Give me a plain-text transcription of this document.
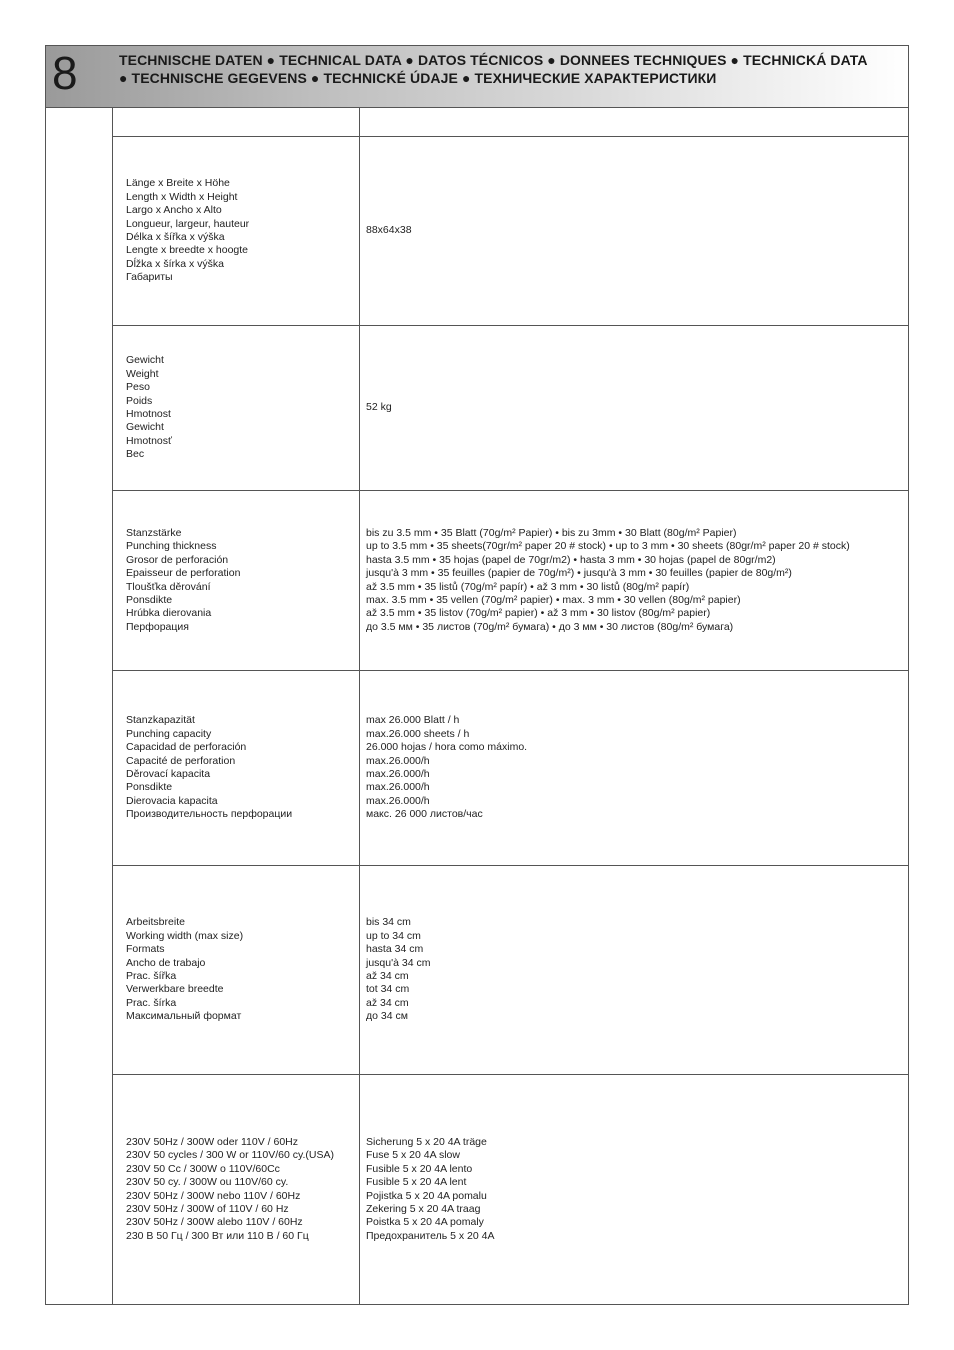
8	TECHNISCHE DATEN ● TECHNICAL DATA ● DATOS TÉCNICOS ● DONNEES TECHNIQUES ● TECHNICKÁ DATA ● TECHNISCHE GEGEVENS ● TECHNICKÉ ÚDAJE ● ТЕХНИЧЕСКИЕ ХАРАКТЕРИСТИКИ
Länge x Breite x Höhe
Length x Width x Height
Largo x Ancho x Alto
Longueur, largeur, hauteur
Délka x šířka x výška
Lengte x breedte x hoogte
Dĺžka x šírka x výška
Габариты
88x64x38
Gewicht
Weight
Peso
Poids
Hmotnost
Gewicht
Hmotnosť
Вес
52 kg
Stanzstärke
Punching thickness
Grosor de perforación
Epaisseur de perforation
Tloušťka děrování
Ponsdikte
Hrúbka dierovania
Перфорация
bis zu 3.5 mm • 35 Blatt (70g/m² Papier) • bis zu 3mm • 30 Blatt (80g/m² Papier)
up to 3.5 mm • 35 sheets(70gr/m² paper 20 # stock) • up to 3 mm • 30 sheets (80gr/m² paper 20 # stock)
hasta 3.5 mm • 35 hojas (papel de 70gr/m2) • hasta 3 mm • 30 hojas (papel de 80gr/m2)
jusqu'à 3 mm • 35 feuilles (papier de 70g/m²) • jusqu'à 3 mm • 30 feuilles (papier de 80g/m²)
až 3.5 mm • 35 listů (70g/m² papír) • až 3 mm • 30 listů (80g/m² papír)
max. 3.5 mm • 35 vellen (70g/m² papier) • max. 3 mm • 30 vellen (80g/m² papier)
až 3.5 mm • 35 listov (70g/m² papier) • až 3 mm • 30 listov (80g/m² papier)
до 3.5 мм • 35 листов (70g/m² бумага) • до 3 мм • 30 листов (80g/m² бумага)
Stanzkapazität
Punching capacity
Capacidad de perforación
Capacité de perforation
Děrovací kapacita
Ponsdikte
Dierovacia kapacita
Производительность перфорации
max 26.000 Blatt / h
max.26.000 sheets / h
26.000 hojas / hora como máximo.
max.26.000/h
max.26.000/h
max.26.000/h
max.26.000/h
макс. 26 000 листов/час
Arbeitsbreite
Working width (max size)
Formats
Ancho de trabajo
Prac. šířka
Verwerkbare breedte
Prac. šírka
Максимальный формат
bis 34 cm
up to 34 cm
hasta 34 cm
jusqu'à 34 cm
až 34 cm
tot 34 cm
až 34 cm
до 34 см
230V 50Hz / 300W oder 110V / 60Hz
230V 50 cycles / 300 W or 110V/60 cy.(USA)
230V 50 Cc / 300W o 110V/60Cc
230V 50 cy. / 300W ou 110V/60 cy.
230V 50Hz / 300W nebo 110V / 60Hz
230V 50Hz / 300W of 110V / 60 Hz
230V 50Hz / 300W alebo 110V / 60Hz
230 В 50 Гц / 300 Вт или 110 В / 60 Гц
Sicherung 5 x 20 4A träge
Fuse 5 x 20 4A slow
Fusible 5 x 20 4A lento
Fusible 5 x 20 4A lent
Pojistka 5 x 20 4A pomalu
Zekering 5 x 20 4A traag
Poistka 5 x 20 4A pomaly
Предохранитель 5 x 20 4A
